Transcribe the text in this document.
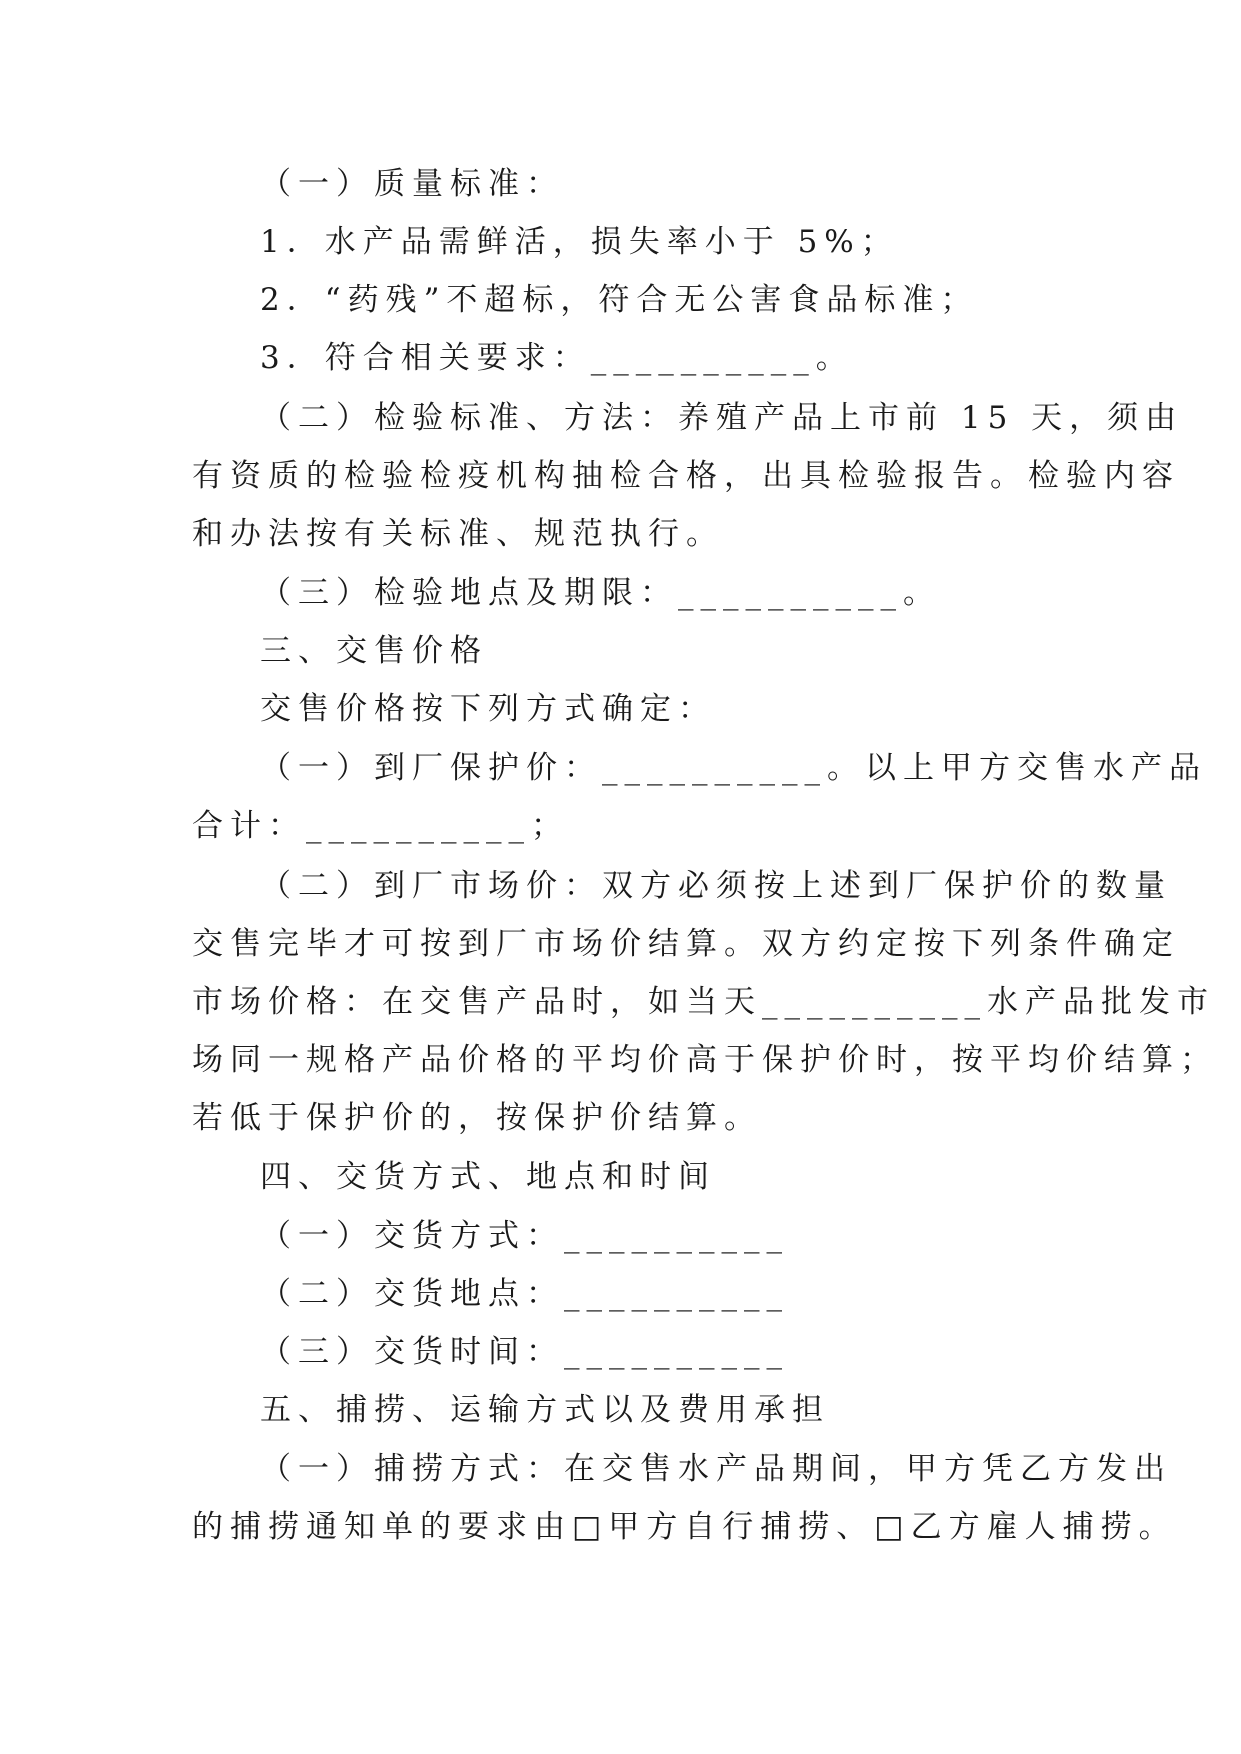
（一）质量标准：
1．水产品需鲜活，损失率小于 5%；
2．“药残”不超标，符合无公害食品标准；
3．符合相关要求：__________。
（二）检验标准、方法：养殖产品上市前 15 天，须由
有资质的检验检疫机构抽检合格，出具检验报告。检验内容
和办法按有关标准、规范执行。
（三）检验地点及期限：__________。
三、交售价格
交售价格按下列方式确定：
（一）到厂保护价：__________。以上甲方交售水产品
合计：__________；
（二）到厂市场价：双方必须按上述到厂保护价的数量
交售完毕才可按到厂市场价结算。双方约定按下列条件确定
市场价格：在交售产品时，如当天__________水产品批发市
场同一规格产品价格的平均价高于保护价时，按平均价结算；
若低于保护价的，按保护价结算。
四、交货方式、地点和时间
（一）交货方式：__________
（二）交货地点：__________
（三）交货时间：__________
五、捕捞、运输方式以及费用承担
（一）捕捞方式：在交售水产品期间，甲方凭乙方发出
的捕捞通知单的要求由□甲方自行捕捞、□乙方雇人捕捞。
